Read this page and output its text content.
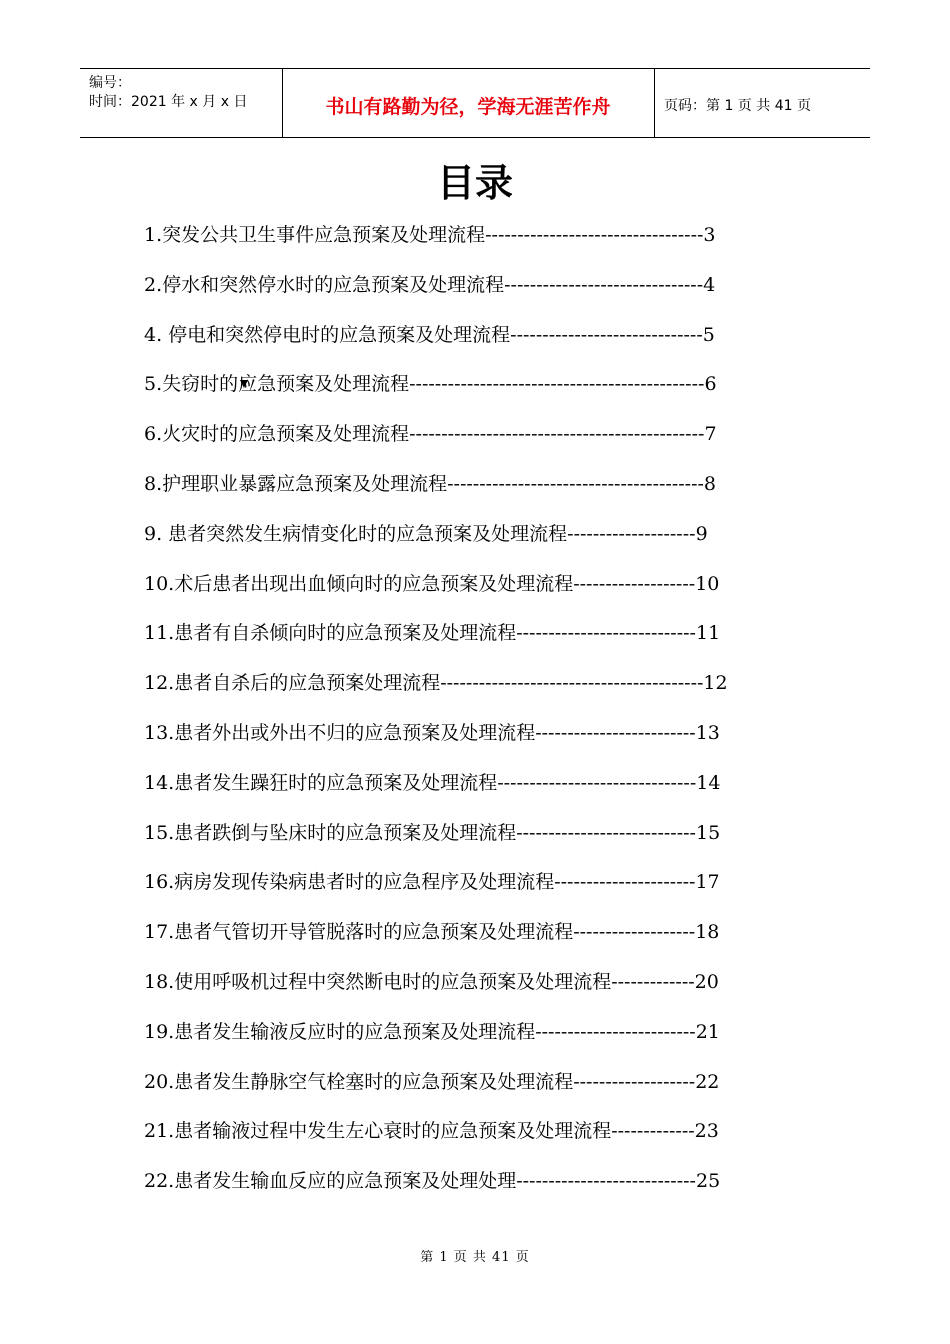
编号：
时间：2021 年 x 月 x 日	书山有路勤为径，学海无涯苦作舟	页码：第 1 页 共 41 页
目录
1.突发公共卫生事件应急预案及处理流程----------------------------------3
2.停水和突然停水时的应急预案及处理流程-------------------------------4
4. 停电和突然停电时的应急预案及处理流程------------------------------5
5.失窃时的应急预案及处理流程----------------------------------------------6
6.火灾时的应急预案及处理流程----------------------------------------------7
8.护理职业暴露应急预案及处理流程----------------------------------------8
9. 患者突然发生病情变化时的应急预案及处理流程--------------------9
10.术后患者出现出血倾向时的应急预案及处理流程-------------------10
11.患者有自杀倾向时的应急预案及处理流程----------------------------11
12.患者自杀后的应急预案处理流程-----------------------------------------12
13.患者外出或外出不归的应急预案及处理流程-------------------------13
14.患者发生躁狂时的应急预案及处理流程-------------------------------14
15.患者跌倒与坠床时的应急预案及处理流程----------------------------15
16.病房发现传染病患者时的应急程序及处理流程----------------------17
17.患者气管切开导管脱落时的应急预案及处理流程-------------------18
18.使用呼吸机过程中突然断电时的应急预案及处理流程-------------20
19.患者发生输液反应时的应急预案及处理流程-------------------------21
20.患者发生静脉空气栓塞时的应急预案及处理流程-------------------22
21.患者输液过程中发生左心衰时的应急预案及处理流程-------------23
22.患者发生输血反应的应急预案及处理处理----------------------------25
第 1 页 共 41 页
